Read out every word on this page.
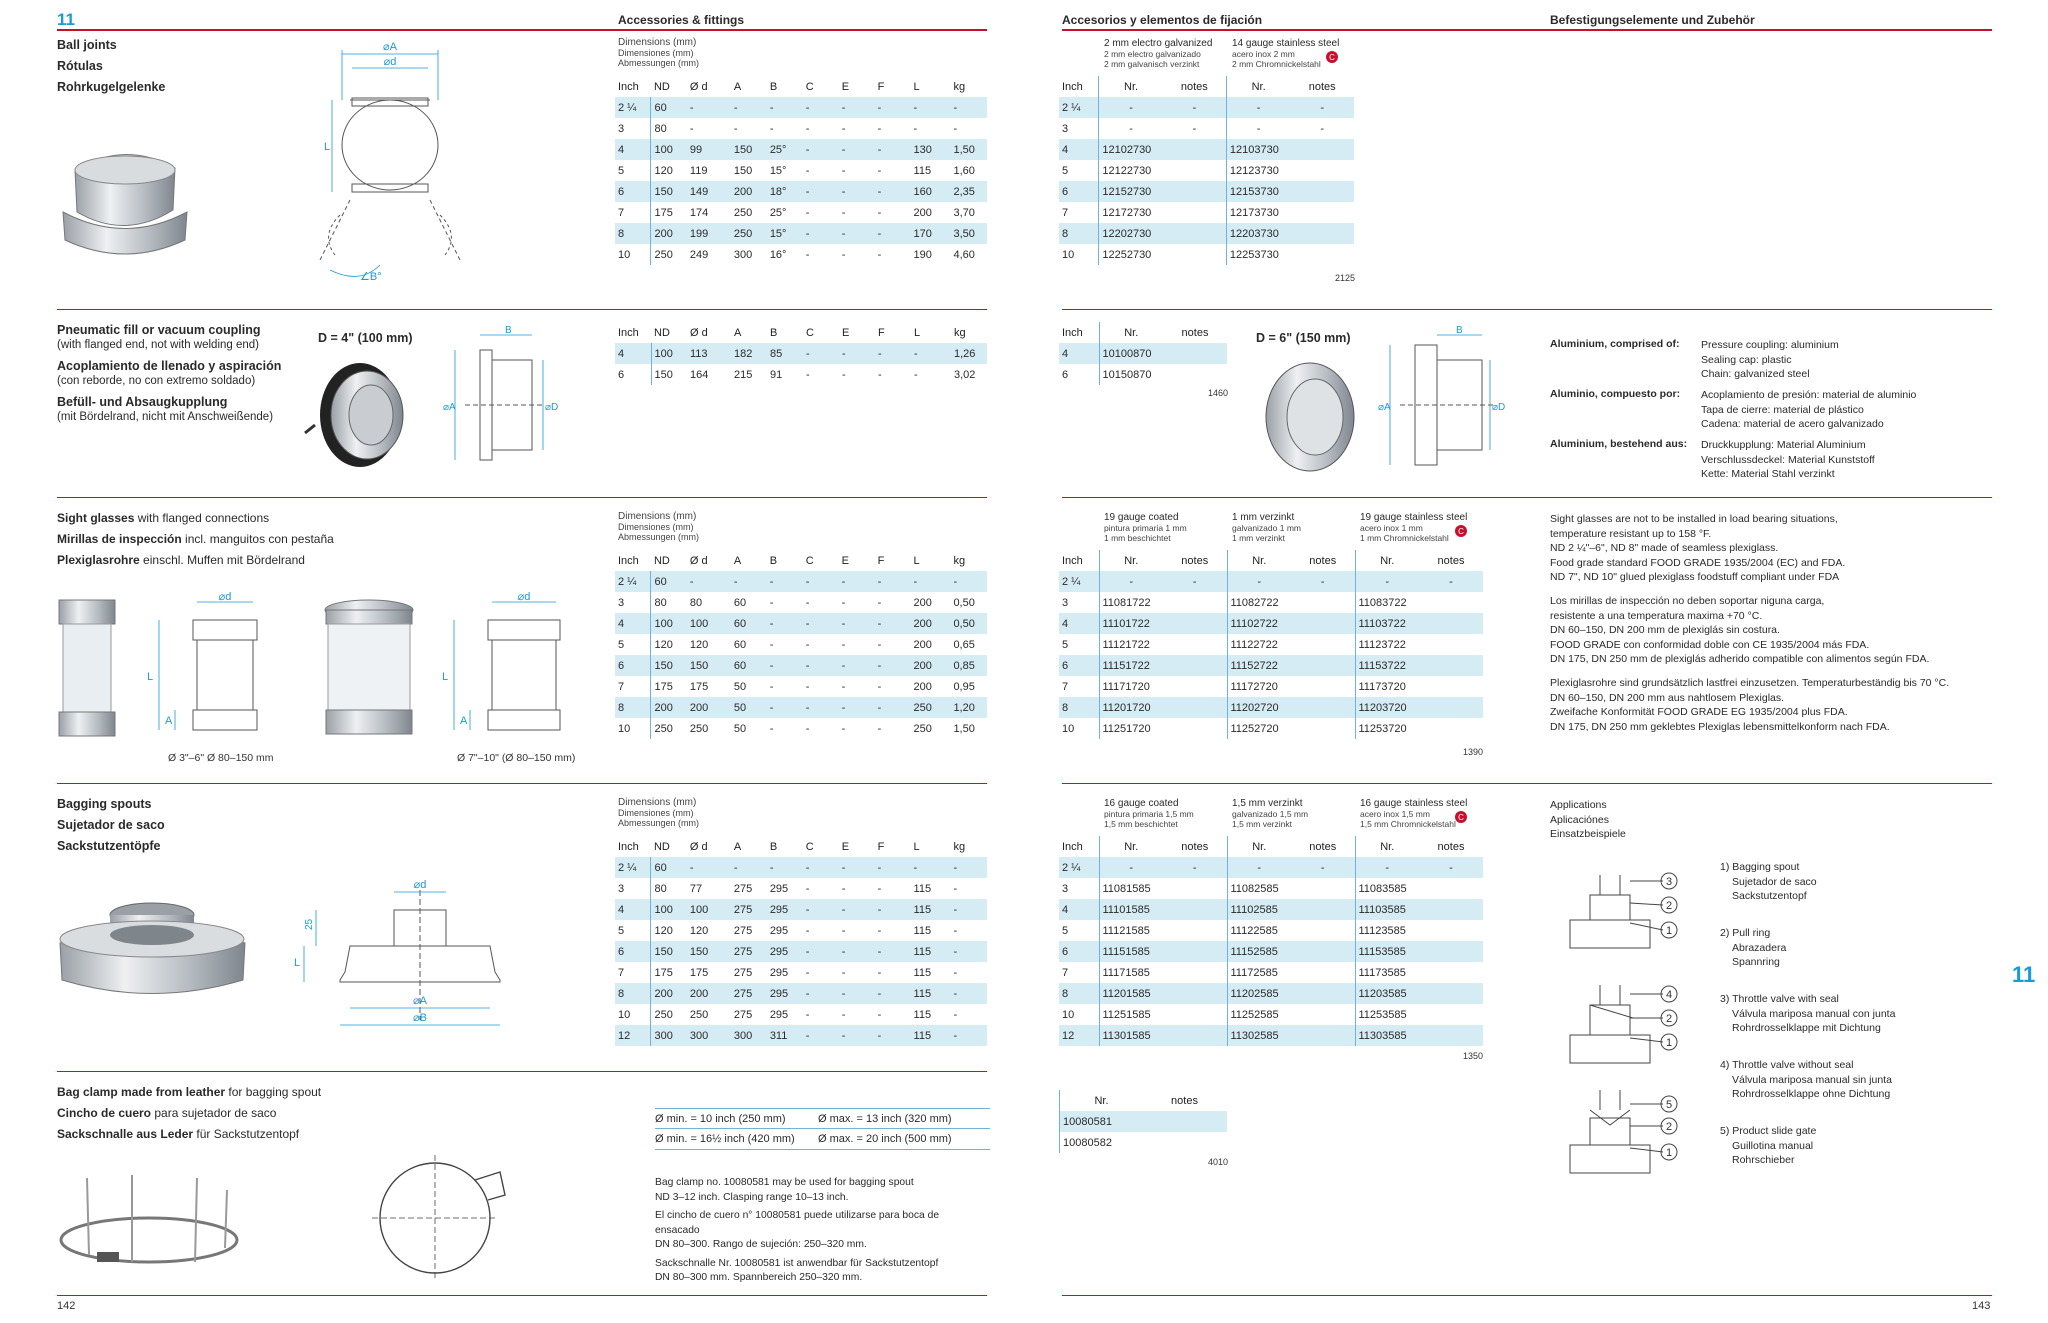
11	Accessories & fittings	Accesorios y elementos de fijación	Befestigungselemente und Zubehör
11
Ball joints
Rótulas
Rohrkugelgelenke
⌀A
⌀d
L
∠B°
Dimensions (mm)
Dimensiones (mm)
Abmessungen (mm)
Inch	ND	Ø d	A	B	C	E	F	L	kg
2 ¼	60	-	-	-	-	-	-	-	-
3	80	-	-	-	-	-	-	-	-
4	100	99	150	25°	-	-	-	130	1,50
5	120	119	150	15°	-	-	-	115	1,60
6	150	149	200	18°	-	-	-	160	2,35
7	175	174	250	25°	-	-	-	200	3,70
8	200	199	250	15°	-	-	-	170	3,50
10	250	249	300	16°	-	-	-	190	4,60
2 mm electro galvanized
2 mm electro galvanizado
2 mm galvanisch verzinkt
14 gauge stainless steel
acero inox 2 mm
2 mm Chromnickelstahl
C
Inch	Nr.	notes	Nr.	notes
2 ¼	-	-	-	-
3	-	-	-	-
4	12102730		12103730	
5	12122730		12123730	
6	12152730		12153730	
7	12172730		12173730	
8	12202730		12203730	
10	12252730		12253730	
2125
Pneumatic fill or vacuum coupling
(with flanged end, not with welding end)
Acoplamiento de llenado y aspiración
(con reborde, no con extremo soldado)
Befüll- und Absaugkupplung
(mit Bördelrand, nicht mit Anschweißende)
D = 4" (100 mm)
B
⌀A	⌀D
Inch	ND	Ø d	A	B	C	E	F	L	kg
4	100	113	182	85	-	-	-	-	1,26
6	150	164	215	91	-	-	-	-	3,02
Inch	Nr.	notes
4	10100870	
6	10150870	
1460
D = 6" (150 mm)
B
⌀A	⌀D
Aluminium, comprised of: Pressure coupling: aluminium
Sealing cap: plastic
Chain: galvanized steel
Aluminio, compuesto por: Acoplamiento de presión: material de aluminio
Tapa de cierre: material de plástico
Cadena: material de acero galvanizado
Aluminium, bestehend aus: Druckkupplung: Material Aluminium
Verschlussdeckel: Material Kunststoff
Kette: Material Stahl verzinkt
Sight glasses with flanged connections
Mirillas de inspección incl. manguitos con pestaña
Plexiglasrohre einschl. Muffen mit Bördelrand
⌀d
L
A
Ø 3"–6" Ø 80–150 mm
⌀d
L
A
Ø 7"–10" (Ø 80–150 mm)
Dimensions (mm)
Dimensiones (mm)
Abmessungen (mm)
Inch	ND	Ø d	A	B	C	E	F	L	kg
2 ¼	60	-	-	-	-	-	-	-	-
3	80	80	60	-	-	-	-	200	0,50
4	100	100	60	-	-	-	-	200	0,50
5	120	120	60	-	-	-	-	200	0,65
6	150	150	60	-	-	-	-	200	0,85
7	175	175	50	-	-	-	-	200	0,95
8	200	200	50	-	-	-	-	250	1,20
10	250	250	50	-	-	-	-	250	1,50
19 gauge coated
pintura primaria 1 mm
1 mm beschichtet
1 mm verzinkt
galvanizado 1 mm
1 mm verzinkt
19 gauge stainless steel
acero inox 1 mm
1 mm Chromnickelstahl
C
Inch	Nr.	notes	Nr.	notes	Nr.	notes
2 ¼	-	-	-	-	-	-
3	11081722		11082722		11083722	
4	11101722		11102722		11103722	
5	11121722		11122722		11123722	
6	11151722		11152722		11153722	
7	11171720		11172720		11173720	
8	11201720		11202720		11203720	
10	11251720		11252720		11253720	
1390
Sight glasses are not to be installed in load bearing situations,
temperature resistant up to 158 °F.
ND 2 ¼"–6", ND 8" made of seamless plexiglass.
Food grade standard FOOD GRADE 1935/2004 (EC) and FDA.
ND 7", ND 10" glued plexiglass foodstuff compliant under FDA
Los mirillas de inspección no deben soportar niguna carga,
resistente a una temperatura maxima +70 °C.
DN 60–150, DN 200 mm de plexiglás sin costura.
FOOD GRADE con conformidad doble con CE 1935/2004 más FDA.
DN 175, DN 250 mm de plexiglás adherido compatible con alimentos según FDA.
Plexiglasrohre sind grundsätzlich lastfrei einzusetzen. Temperaturbeständig bis 70 °C.
DN 60–150, DN 200 mm aus nahtlosem Plexiglas.
Zweifache Konformität FOOD GRADE EG 1935/2004 plus FDA.
DN 175, DN 250 mm geklebtes Plexiglas lebensmittelkonform nach FDA.
Bagging spouts
Sujetador de saco
Sackstutzentöpfe
⌀d
25
L
⌀A
⌀B
Dimensions (mm)
Dimensiones (mm)
Abmessungen (mm)
Inch	ND	Ø d	A	B	C	E	F	L	kg
2 ¼	60	-	-	-	-	-	-	-	-
3	80	77	275	295	-	-	-	115	-
4	100	100	275	295	-	-	-	115	-
5	120	120	275	295	-	-	-	115	-
6	150	150	275	295	-	-	-	115	-
7	175	175	275	295	-	-	-	115	-
8	200	200	275	295	-	-	-	115	-
10	250	250	275	295	-	-	-	115	-
12	300	300	300	311	-	-	-	115	-
16 gauge coated
pintura primaria 1,5 mm
1,5 mm beschichtet
1,5 mm verzinkt
galvanizado 1,5 mm
1,5 mm verzinkt
16 gauge stainless steel
acero inox 1,5 mm
1,5 mm Chromnickelstahl
C
Inch	Nr.	notes	Nr.	notes	Nr.	notes
2 ¼	-	-	-	-	-	-
3	11081585		11082585		11083585	
4	11101585		11102585		11103585	
5	11121585		11122585		11123585	
6	11151585		11152585		11153585	
7	11171585		11172585		11173585	
8	11201585		11202585		11203585	
10	11251585		11252585		11253585	
12	11301585		11302585		11303585	
1350
Applications
Aplicaciónes
Einsatzbeispiele
3
2
1
4
2
1
5
2
1
1) Bagging spout
Sujetador de saco
Sackstutzentopf
2) Pull ring
Abrazadera
Spannring
3) Throttle valve with seal
Válvula mariposa manual con junta
Rohrdrosselklappe mit Dichtung
4) Throttle valve without seal
Válvula mariposa manual sin junta
Rohrdrosselklappe ohne Dichtung
5) Product slide gate
Guillotina manual
Rohrschieber
Bag clamp made from leather for bagging spout
Cincho de cuero para sujetador de saco
Sackschnalle aus Leder für Sackstutzentopf
Ø min. = 10 inch (250 mm)	Ø max. = 13 inch (320 mm)
Ø min. = 16½ inch (420 mm) Ø max. = 20 inch (500 mm)
Bag clamp no. 10080581 may be used for bagging spout
ND 3–12 inch. Clasping range 10–13 inch.
El cincho de cuero n° 10080581 puede utilizarse para boca de ensacado
DN 80–300. Rango de sujeción: 250–320 mm.
Sackschnalle Nr. 10080581 ist anwendbar für Sackstutzentopf
DN 80–300 mm. Spannbereich 250–320 mm.
Nr.	notes
10080581	
10080582	
4010
142	143
